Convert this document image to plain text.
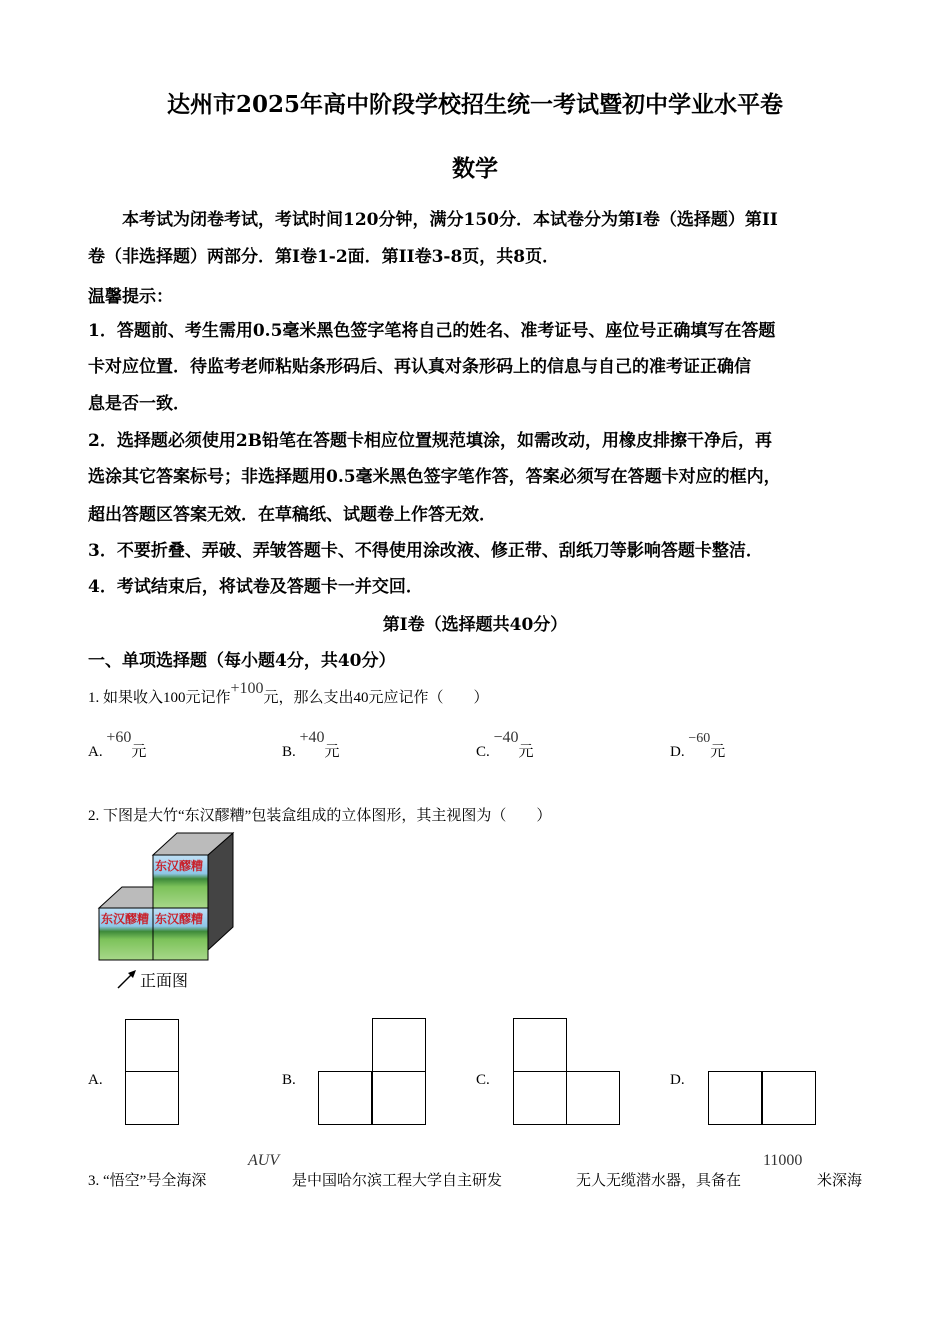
达州市2025年高中阶段学校招生统一考试暨初中学业水平卷
数学
本考试为闭卷考试，考试时间120分钟，满分150分．本试卷分为第I卷（选择题）第II
卷（非选择题）两部分．第I卷1-2面．第II卷3-8页，共8页．
温馨提示：
1．答题前、考生需用0.5毫米黑色签字笔将自己的姓名、准考证号、座位号正确填写在答题
卡对应位置．待监考老师粘贴条形码后、再认真对条形码上的信息与自己的准考证正确信
息是否一致．
2．选择题必须使用2B铅笔在答题卡相应位置规范填涂，如需改动，用橡皮排擦干净后，再
选涂其它答案标号；非选择题用0.5毫米黑色签字笔作答，答案必须写在答题卡对应的框内，
超出答题区答案无效．在草稿纸、试题卷上作答无效．
3．不要折叠、弄破、弄皱答题卡、不得使用涂改液、修正带、刮纸刀等影响答题卡整洁．
4．考试结束后，将试卷及答题卡一并交回．
第I卷（选择题共40分）
一、单项选择题（每小题4分，共40分）
1. 如果收入100元记作+100元，那么支出40元应记作（　　）
A. +60元	B. +40元	C. −40元	D. −60元
2. 下图是大竹“东汉醪糟”包装盒组成的立体图形，其主视图为（　　）
东汉醪糟
东汉醪糟 东汉醪糟
正面图
A.	B.	C.	D.
3. “悟空”号全海深
AUV
是中国哈尔滨工程大学自主研发	无人无缆潜水器，具备在
11000
米深海
